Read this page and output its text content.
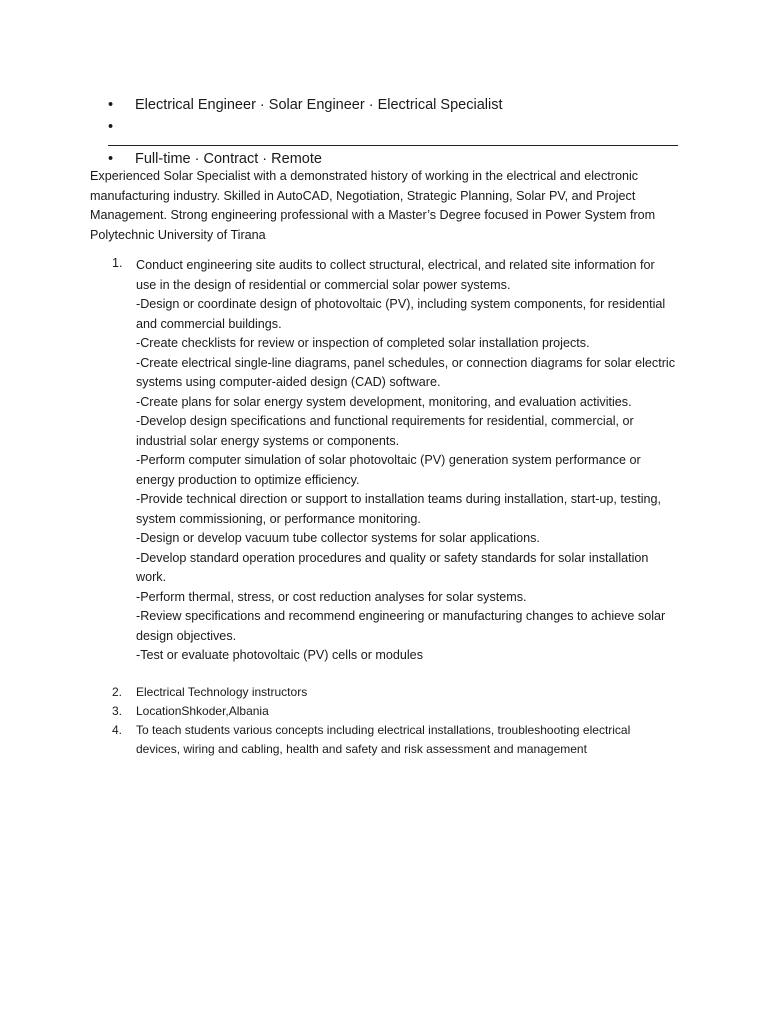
•	Electrical Engineer · Solar Engineer · Electrical Specialist
•
•	Full-time · Contract · Remote

Experienced Solar Specialist with a demonstrated history of working in the electrical and electronic manufacturing industry. Skilled in AutoCAD, Negotiation, Strategic Planning, Solar PV, and Project Management. Strong engineering professional with a Master’s Degree focused in Power System from Polytechnic University of Tirana

1. Conduct engineering site audits to collect structural, electrical, and related site information for use in the design of residential or commercial solar power systems.
-Design or coordinate design of photovoltaic (PV), including system components, for residential and commercial buildings.
-Create checklists for review or inspection of completed solar installation projects.
-Create electrical single-line diagrams, panel schedules, or connection diagrams for solar electric systems using computer-aided design (CAD) software.
-Create plans for solar energy system development, monitoring, and evaluation activities.
-Develop design specifications and functional requirements for residential, commercial, or industrial solar energy systems or components.
-Perform computer simulation of solar photovoltaic (PV) generation system performance or energy production to optimize efficiency.
-Provide technical direction or support to installation teams during installation, start-up, testing, system commissioning, or performance monitoring.
-Design or develop vacuum tube collector systems for solar applications.
-Develop standard operation procedures and quality or safety standards for solar installation work.
-Perform thermal, stress, or cost reduction analyses for solar systems.
-Review specifications and recommend engineering or manufacturing changes to achieve solar design objectives.
-Test or evaluate photovoltaic (PV) cells or modules
2. Electrical Technology instructors
3. LocationShkoder,Albania
4. To teach students various concepts including electrical installations, troubleshooting electrical devices, wiring and cabling, health and safety and risk assessment and management
